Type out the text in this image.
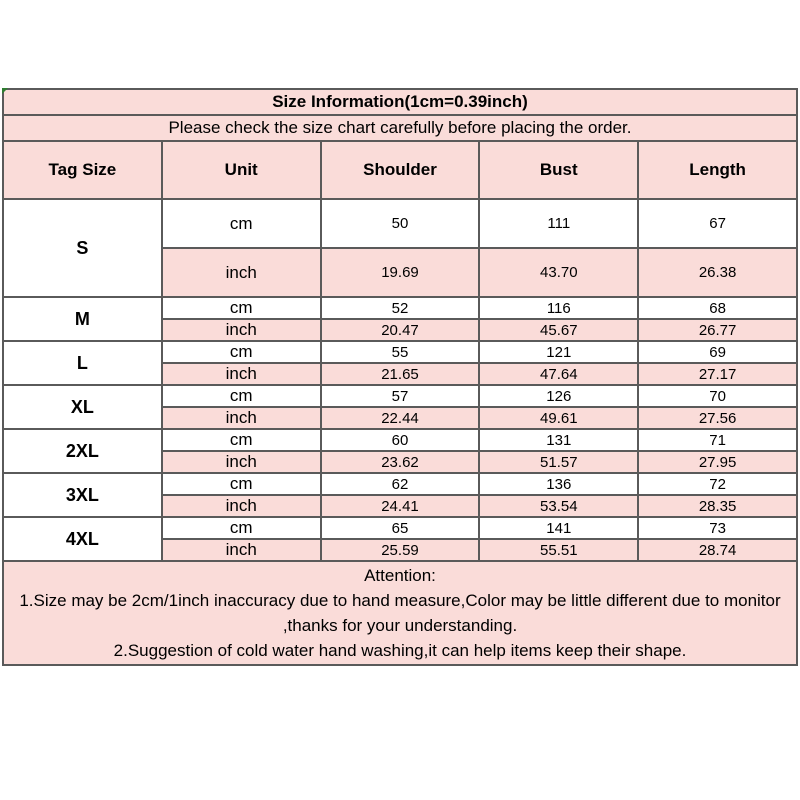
Size Information(1cm=0.39inch)				
Please check the size chart carefully before placing the order.				
Tag Size	Unit	Shoulder	Bust	Length
S	cm	50	111	67
	inch	19.69	43.70	26.38
M	cm	52	116	68
	inch	20.47	45.67	26.77
L	cm	55	121	69
	inch	21.65	47.64	27.17
XL	cm	57	126	70
	inch	22.44	49.61	27.56
2XL	cm	60	131	71
	inch	23.62	51.57	27.95
3XL	cm	62	136	72
	inch	24.41	53.54	28.35
4XL	cm	65	141	73
	inch	25.59	55.51	28.74

Attention:
1.Size may be 2cm/1inch inaccuracy due to hand measure,Color may be little different due to monitor
,thanks for your understanding.
2.Suggestion of cold water hand washing,it can help items keep their shape.				
